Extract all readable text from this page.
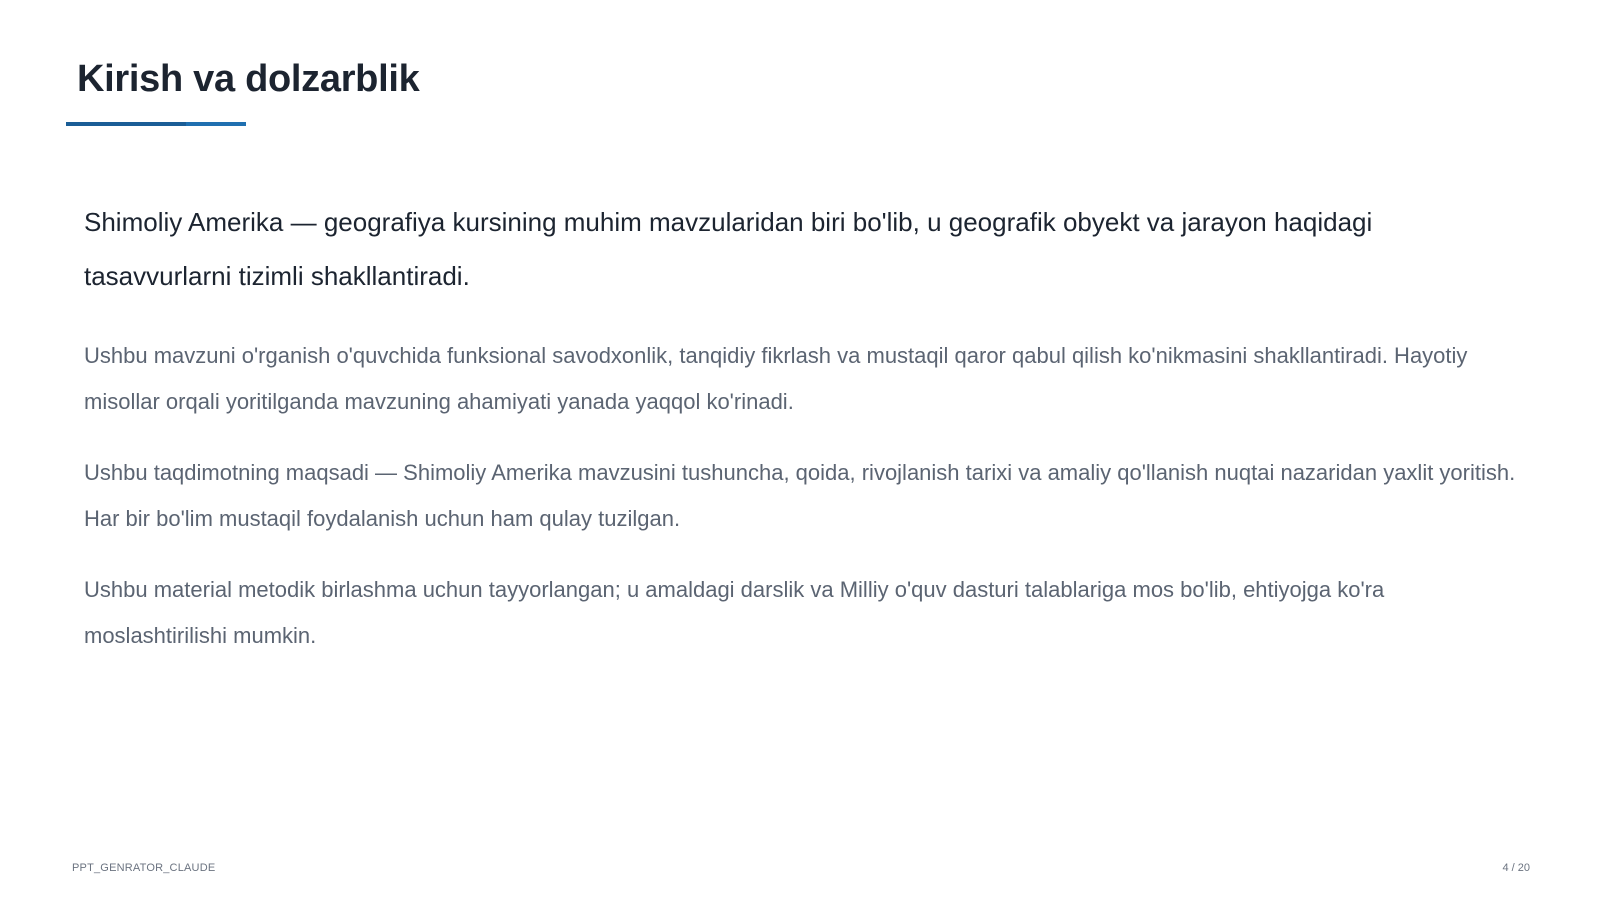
Kirish va dolzarblik

Shimoliy Amerika — geografiya kursining muhim mavzularidan biri bo'lib, u geografik obyekt va jarayon haqidagi tasavvurlarni tizimli shakllantiradi.

Ushbu mavzuni o'rganish o'quvchida funksional savodxonlik, tanqidiy fikrlash va mustaqil qaror qabul qilish ko'nikmasini shakllantiradi. Hayotiy misollar orqali yoritilganda mavzuning ahamiyati yanada yaqqol ko'rinadi.

Ushbu taqdimotning maqsadi — Shimoliy Amerika mavzusini tushuncha, qoida, rivojlanish tarixi va amaliy qo'llanish nuqtai nazaridan yaxlit yoritish. Har bir bo'lim mustaqil foydalanish uchun ham qulay tuzilgan.

Ushbu material metodik birlashma uchun tayyorlangan; u amaldagi darslik va Milliy o'quv dasturi talablariga mos bo'lib, ehtiyojga ko'ra moslashtirilishi mumkin.

PPT_GENRATOR_CLAUDE	4 / 20
